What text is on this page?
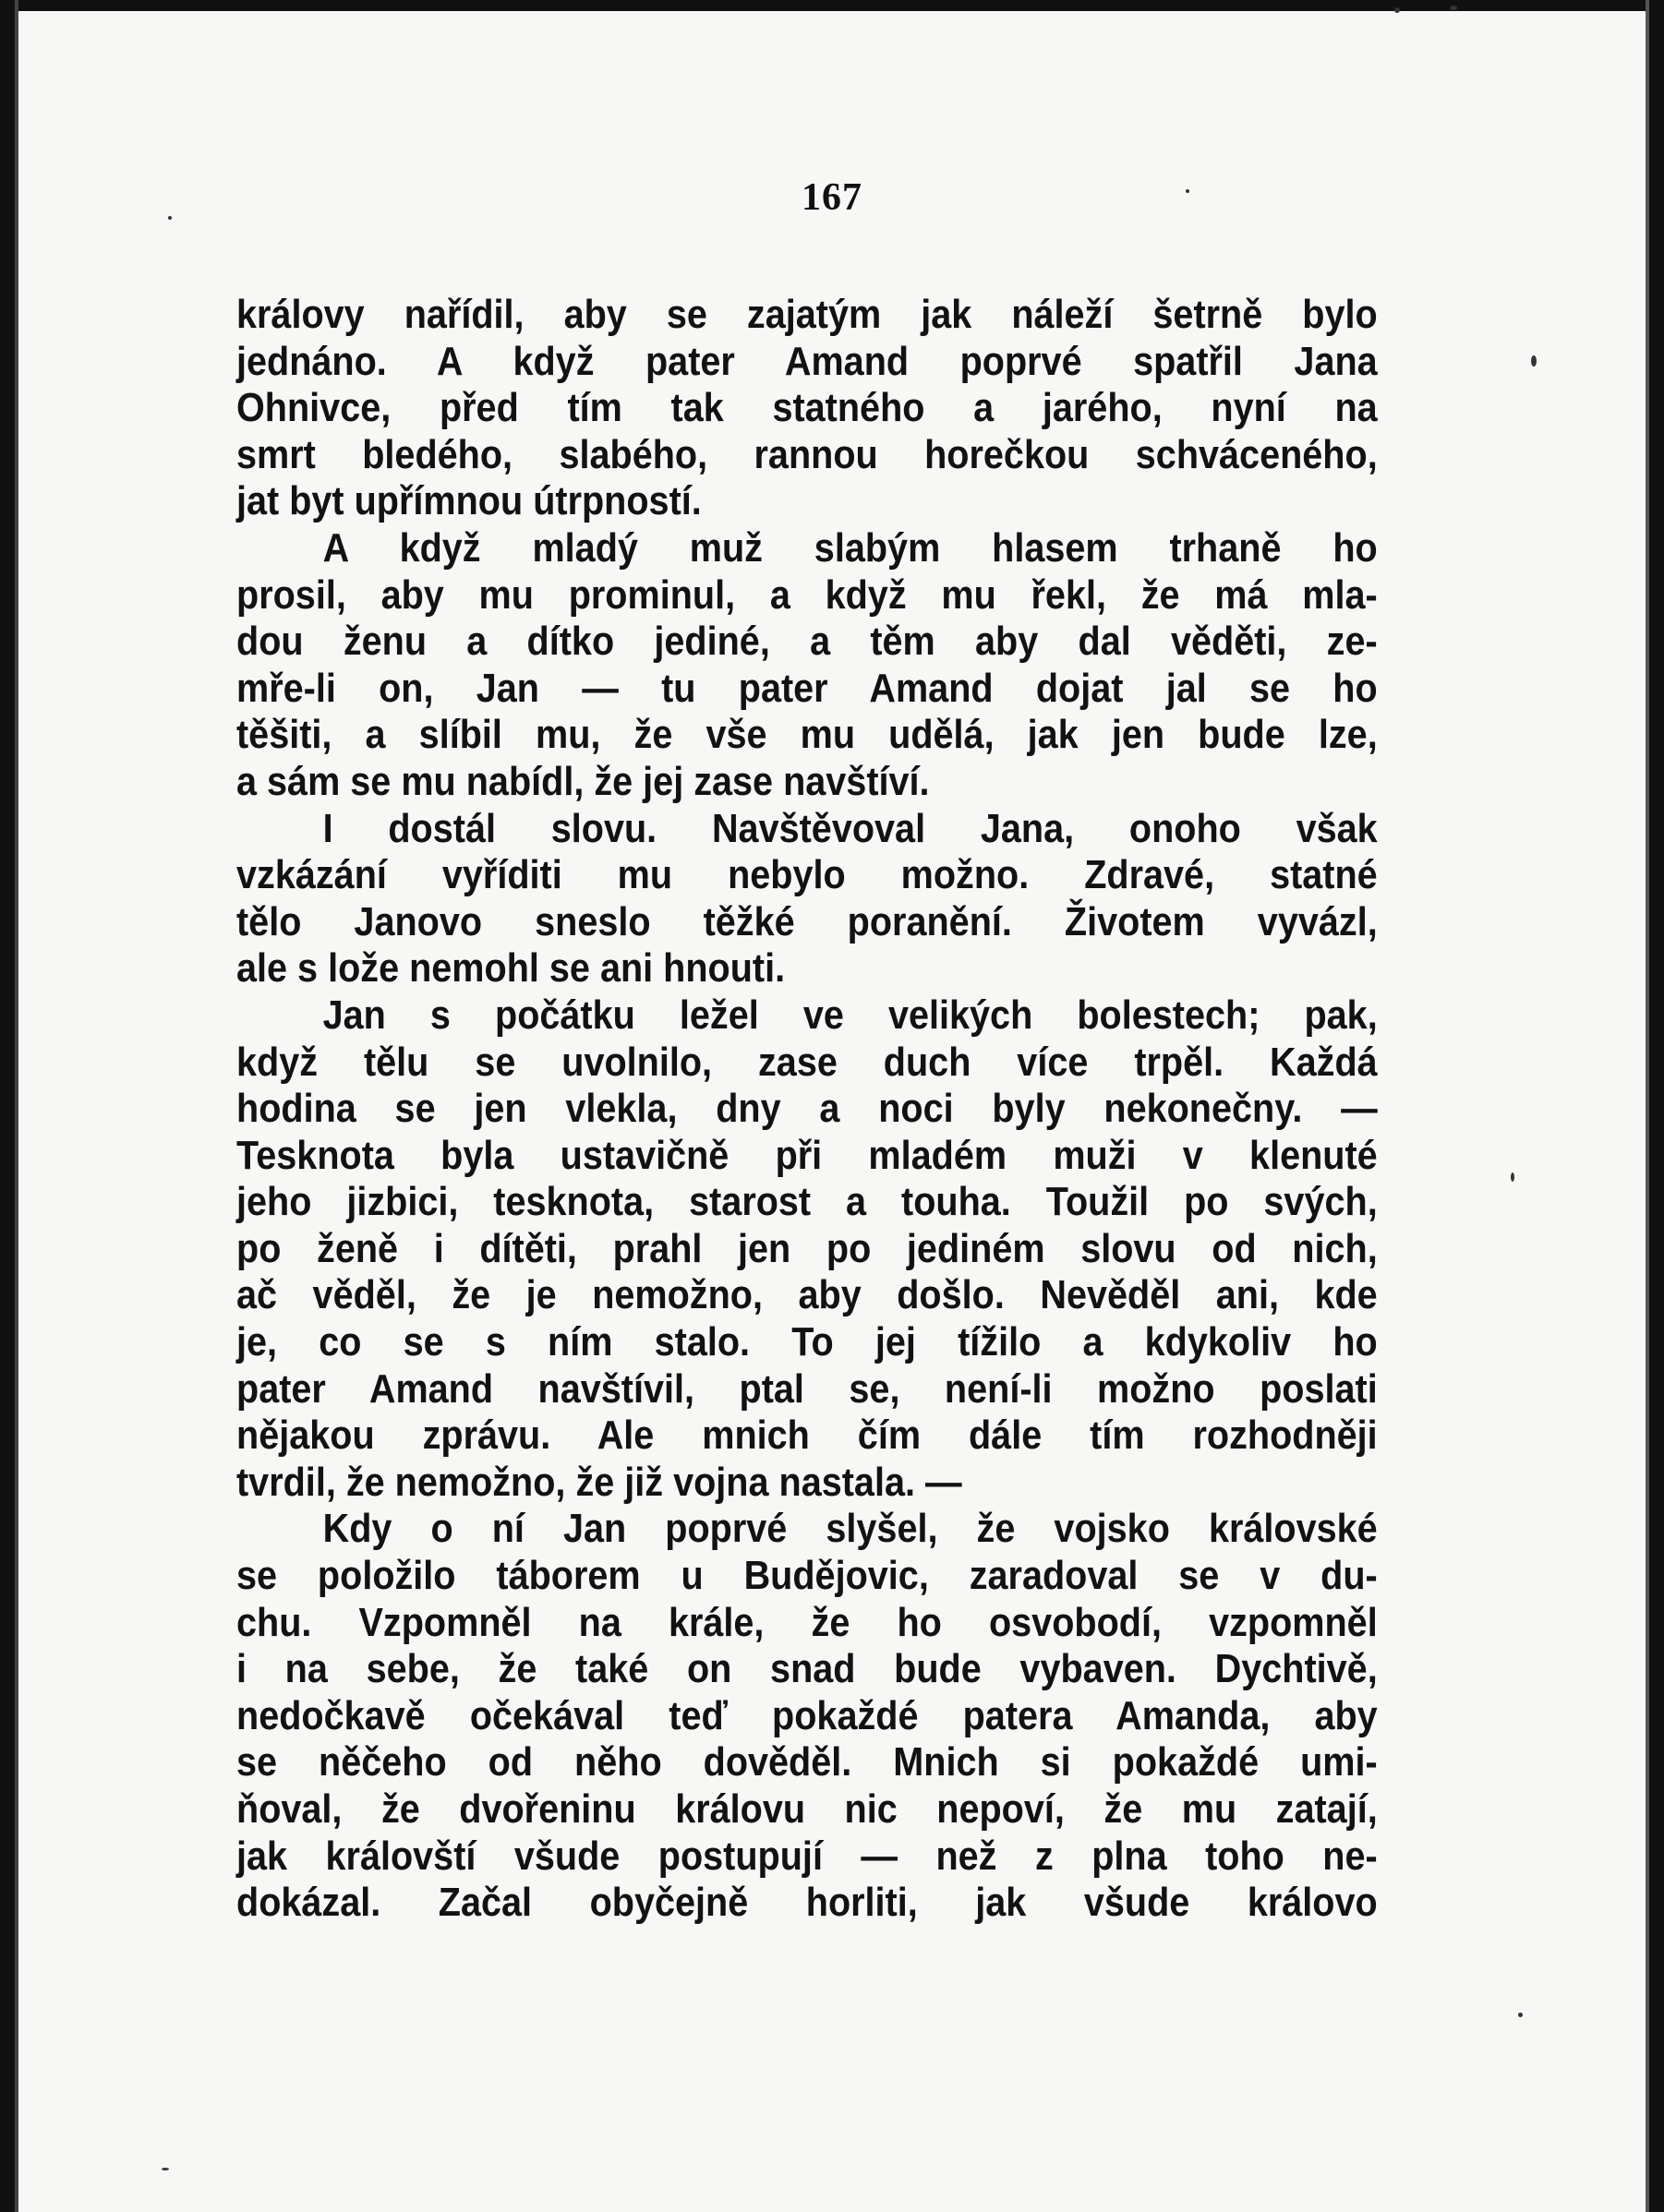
167
královy nařídil, aby se zajatým jak náleží šetrně bylo
jednáno. A když pater Amand poprvé spatřil Jana
Ohnivce, před tím tak statného a jarého, nyní na
smrt bledého, slabého, rannou horečkou schváceného,
jat byt upřímnou útrpností.
A když mladý muž slabým hlasem trhaně ho
prosil, aby mu prominul, a když mu řekl, že má mla-
dou ženu a dítko jediné, a těm aby dal věděti, ze-
mře-li on, Jan — tu pater Amand dojat jal se ho
těšiti, a slíbil mu, že vše mu udělá, jak jen bude lze,
a sám se mu nabídl, že jej zase navštíví.
I dostál slovu. Navštěvoval Jana, onoho však
vzkázání vyříditi mu nebylo možno. Zdravé, statné
tělo Janovo sneslo těžké poranění. Životem vyvázl,
ale s lože nemohl se ani hnouti.
Jan s počátku ležel ve velikých bolestech; pak,
když tělu se uvolnilo, zase duch více trpěl. Každá
hodina se jen vlekla, dny a noci byly nekonečny. —
Tesknota byla ustavičně při mladém muži v klenuté
jeho jizbici, tesknota, starost a touha. Toužil po svých,
po ženě i dítěti, prahl jen po jediném slovu od nich,
ač věděl, že je nemožno, aby došlo. Nevěděl ani, kde
je, co se s ním stalo. To jej tížilo a kdykoliv ho
pater Amand navštívil, ptal se, není-li možno poslati
nějakou zprávu. Ale mnich čím dále tím rozhodněji
tvrdil, že nemožno, že již vojna nastala. —
Kdy o ní Jan poprvé slyšel, že vojsko královské
se položilo táborem u Budějovic, zaradoval se v du-
chu. Vzpomněl na krále, že ho osvobodí, vzpomněl
i na sebe, že také on snad bude vybaven. Dychtivě,
nedočkavě očekával teď pokaždé patera Amanda, aby
se něčeho od něho dověděl. Mnich si pokaždé umi-
ňoval, že dvořeninu královu nic nepoví, že mu zatají,
jak královští všude postupují — než z plna toho ne-
dokázal. Začal obyčejně horliti, jak všude královo
